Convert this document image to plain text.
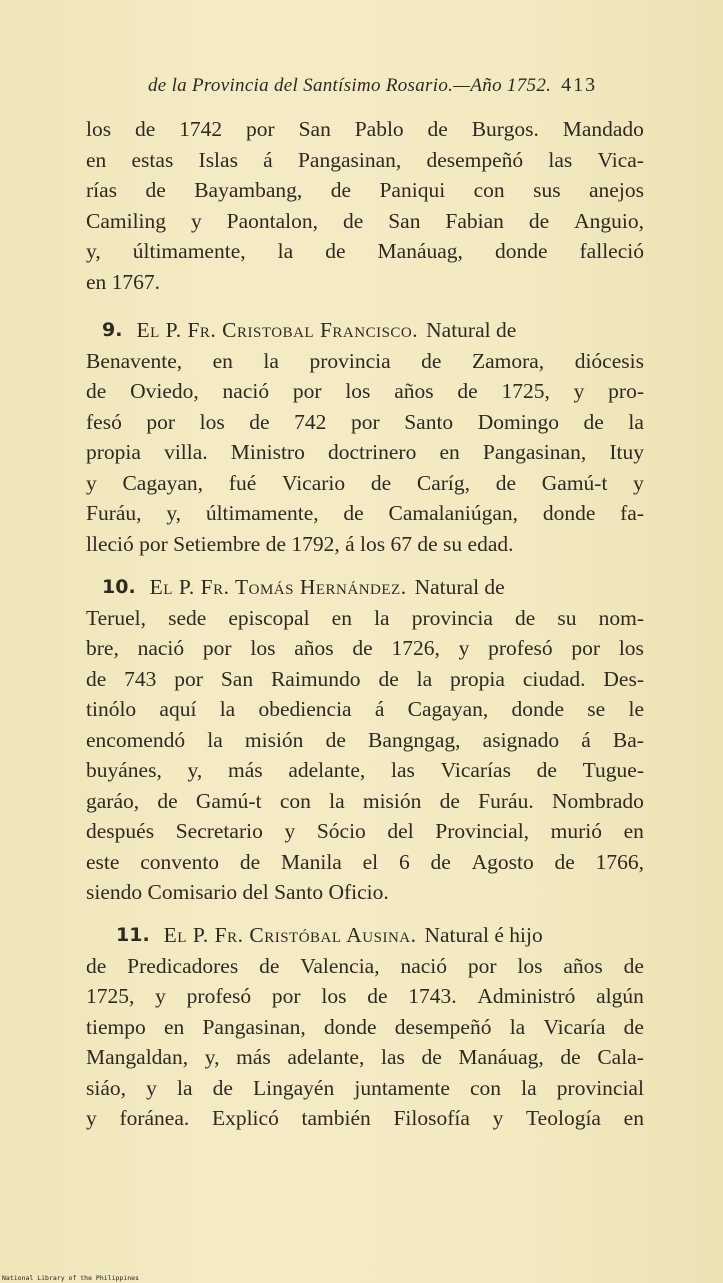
de la Provincia del Santísimo Rosario.—Año 1752. 413
los de 1742 por San Pablo de Burgos. Mandado
en estas Islas á Pangasinan, desempeñó las Vica-
rías de Bayambang, de Paniqui con sus anejos
Camiling y Paontalon, de San Fabian de Anguio,
y, últimamente, la de Manáuag, donde falleció
en 1767.
9. El P. Fr. Cristobal Francisco. Natural de
Benavente, en la provincia de Zamora, diócesis
de Oviedo, nació por los años de 1725, y pro-
fesó por los de 742 por Santo Domingo de la
propia villa. Ministro doctrinero en Pangasinan, Ituy
y Cagayan, fué Vicario de Caríg, de Gamú-t y
Furáu, y, últimamente, de Camalaniúgan, donde fa-
lleció por Setiembre de 1792, á los 67 de su edad.
10. El P. Fr. Tomás Hernández. Natural de
Teruel, sede episcopal en la provincia de su nom-
bre, nació por los años de 1726, y profesó por los
de 743 por San Raimundo de la propia ciudad. Des-
tinólo aquí la obediencia á Cagayan, donde se le
encomendó la misión de Bangngag, asignado á Ba-
buyánes, y, más adelante, las Vicarías de Tugue-
garáo, de Gamú-t con la misión de Furáu. Nombrado
después Secretario y Sócio del Provincial, murió en
este convento de Manila el 6 de Agosto de 1766,
siendo Comisario del Santo Oficio.
11. El P. Fr. Cristóbal Ausina. Natural é hijo
de Predicadores de Valencia, nació por los años de
1725, y profesó por los de 1743. Administró algún
tiempo en Pangasinan, donde desempeñó la Vicaría de
Mangaldan, y, más adelante, las de Manáuag, de Cala-
siáo, y la de Lingayén juntamente con la provincial
y foránea. Explicó también Filosofía y Teología en
National Library of the Philippines
